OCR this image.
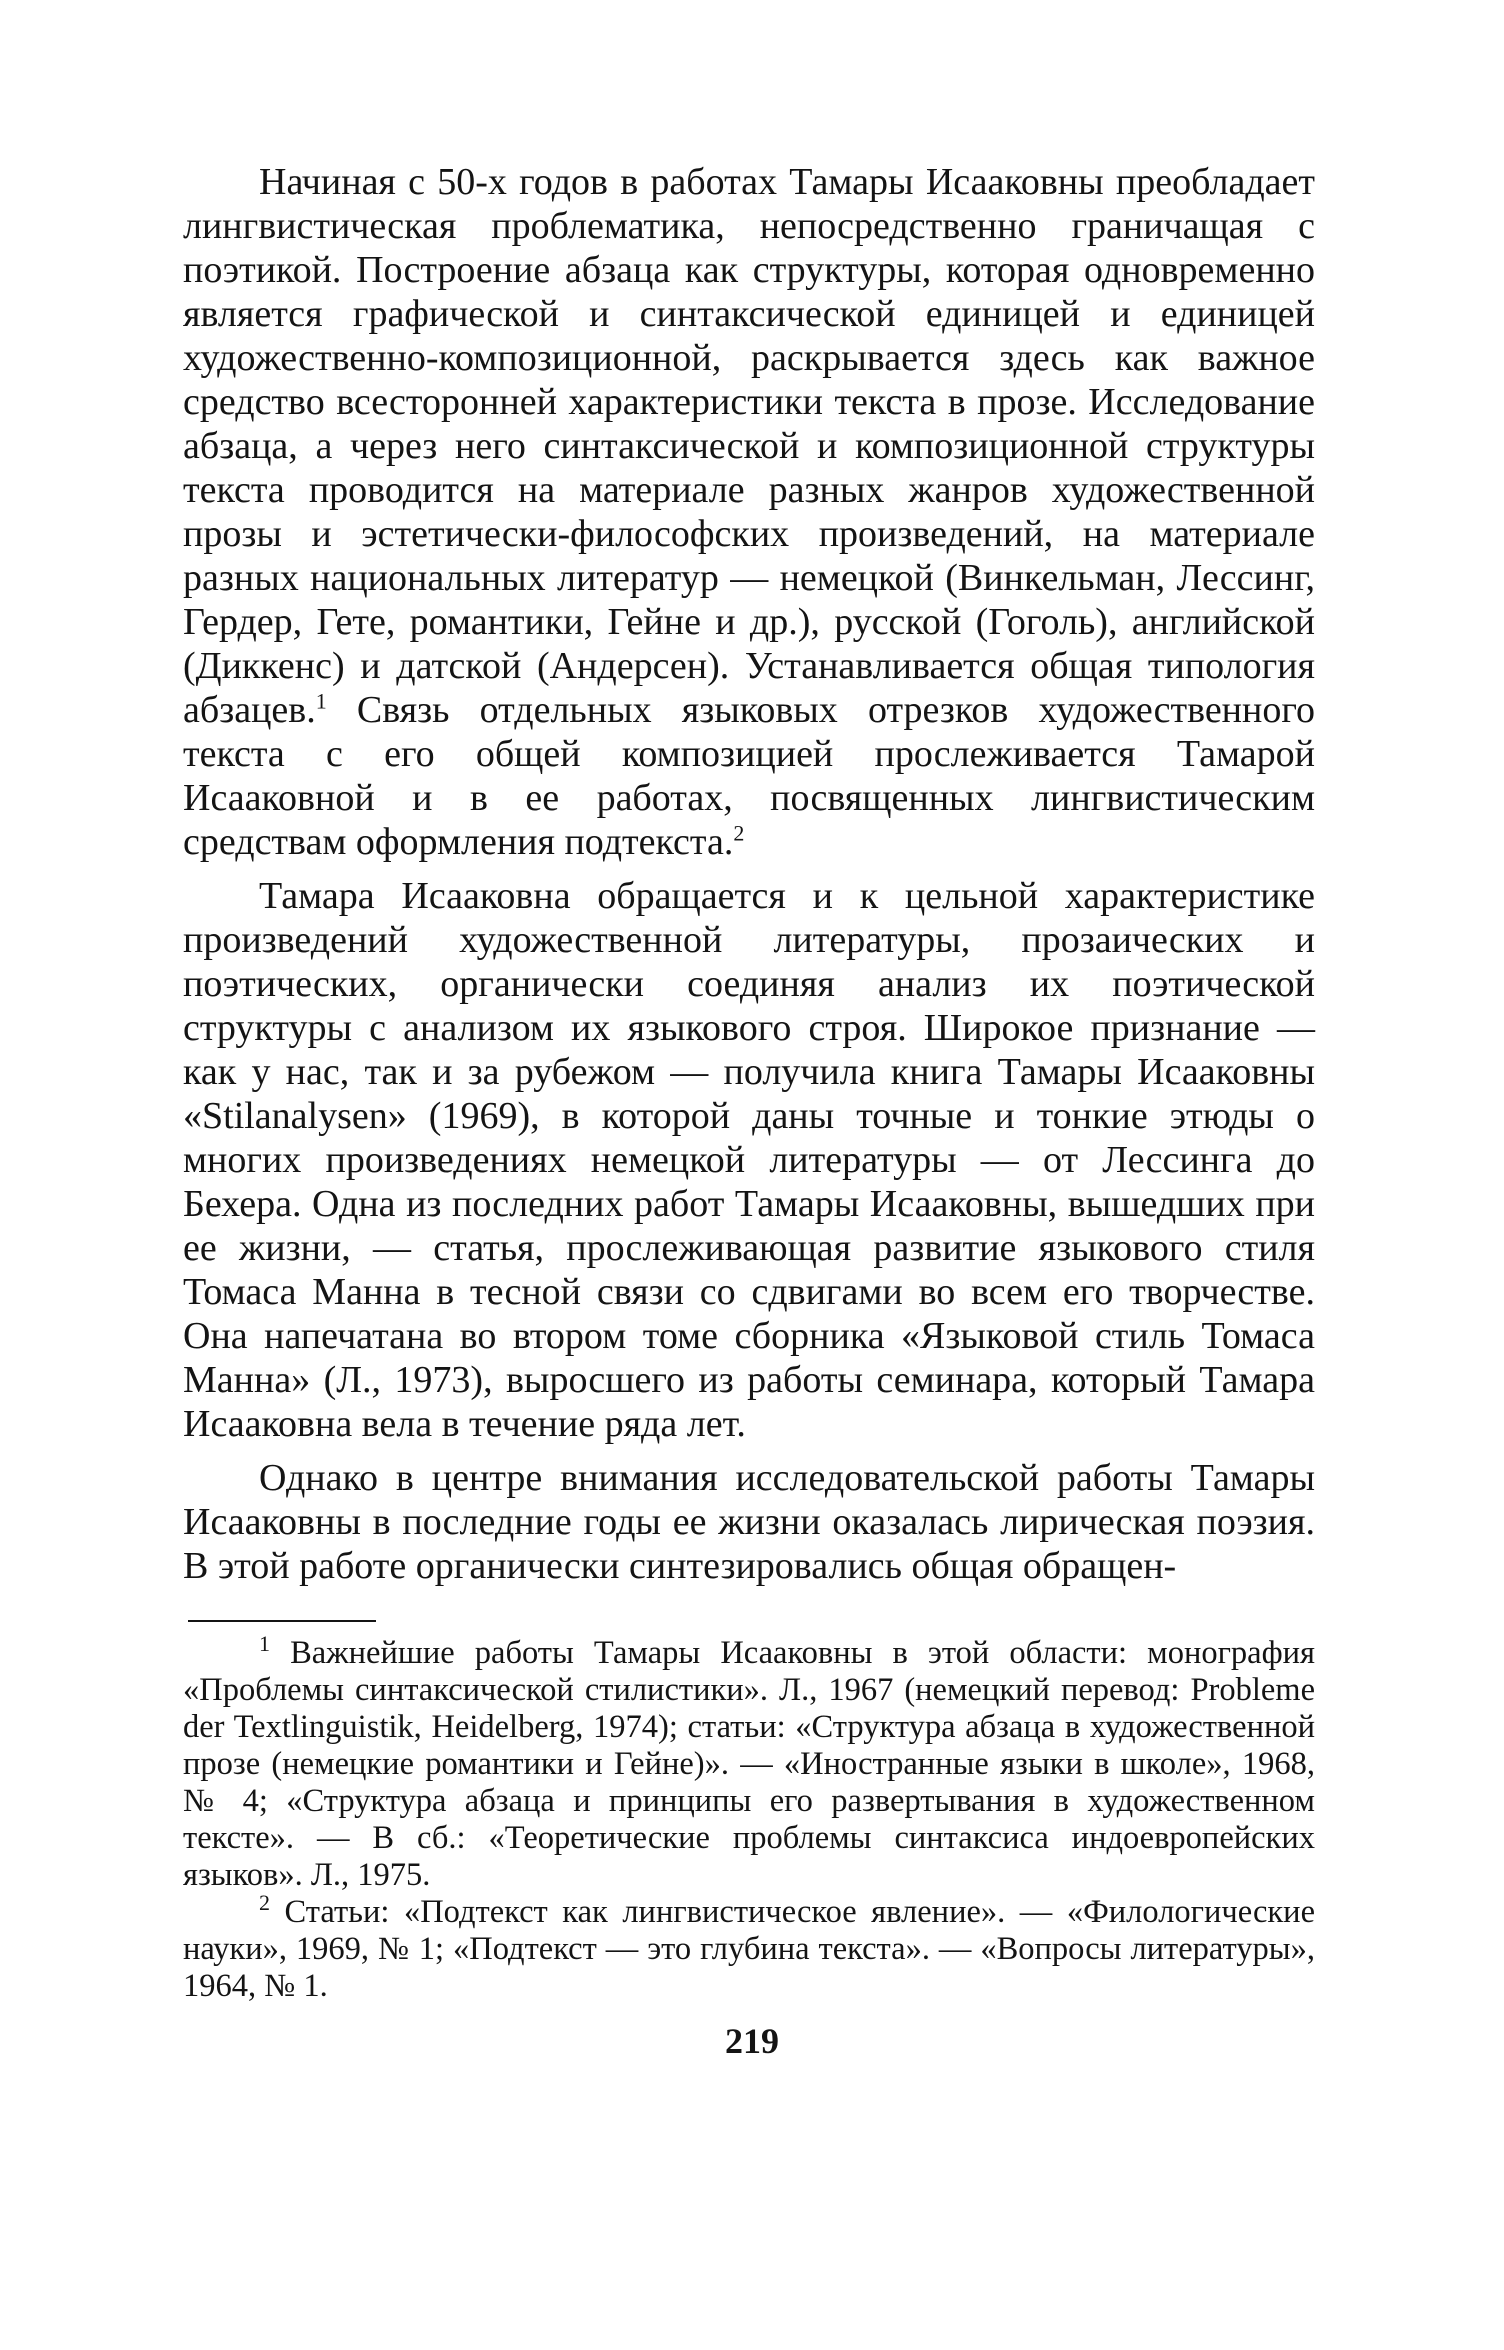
Начиная с 50-х годов в работах Тамары Исааковны преобладает лингвистическая проблематика, непосредственно граничащая с поэтикой. Построение абзаца как структуры, которая одновременно является графической и синтаксической единицей и единицей художественно-композиционной, раскрывается здесь как важное средство всесторонней характеристики текста в прозе. Исследование абзаца, а через него синтаксической и композиционной структуры текста проводится на материале разных жанров художественной прозы и эстетически-философских произведений, на материале разных национальных литератур — немецкой (Винкельман, Лессинг, Гердер, Гете, романтики, Гейне и др.), русской (Гоголь), английской (Диккенс) и датской (Андерсен). Устанавливается общая типология абзацев.$^1$ Связь отдельных языковых отрезков художественного текста с его общей композицией прослеживается Тамарой Исааковной и в ее работах, посвященных лингвистическим средствам оформления подтекста.$^2$

Тамара Исааковна обращается и к цельной характеристике произведений художественной литературы, прозаических и поэтических, органически соединяя анализ их поэтической структуры с анализом их языкового строя. Широкое признание — как у нас, так и за рубежом — получила книга Тамары Исааковны «Stilanalysen» (1969), в которой даны точные и тонкие этюды о многих произведениях немецкой литературы — от Лессинга до Бехера. Одна из последних работ Тамары Исааковны, вышедших при ее жизни, — статья, прослеживающая развитие языкового стиля Томаса Манна в тесной связи со сдвигами во всем его творчестве. Она напечатана во втором томе сборника «Языковой стиль Томаса Манна» (Л., 1973), выросшего из работы семинара, который Тамара Исааковна вела в течение ряда лет.

Однако в центре внимания исследовательской работы Тамары Исааковны в последние годы ее жизни оказалась лирическая поэзия. В этой работе органически синтезировались общая обращен-

$^1$ Важнейшие работы Тамары Исааковны в этой области: монография «Проблемы синтаксической стилистики». Л., 1967 (немецкий перевод: Probleme der Textlinguistik, Heidelberg, 1974); статьи: «Структура абзаца в художественной прозе (немецкие романтики и Гейне)». — «Иностранные языки в школе», 1968, № 4; «Структура абзаца и принципы его развертывания в художественном тексте». — В сб.: «Теоретические проблемы синтаксиса индоевропейских языков». Л., 1975.

$^2$ Статьи: «Подтекст как лингвистическое явление». — «Филологические науки», 1969, № 1; «Подтекст — это глубина текста». — «Вопросы литературы», 1964, № 1.

219
